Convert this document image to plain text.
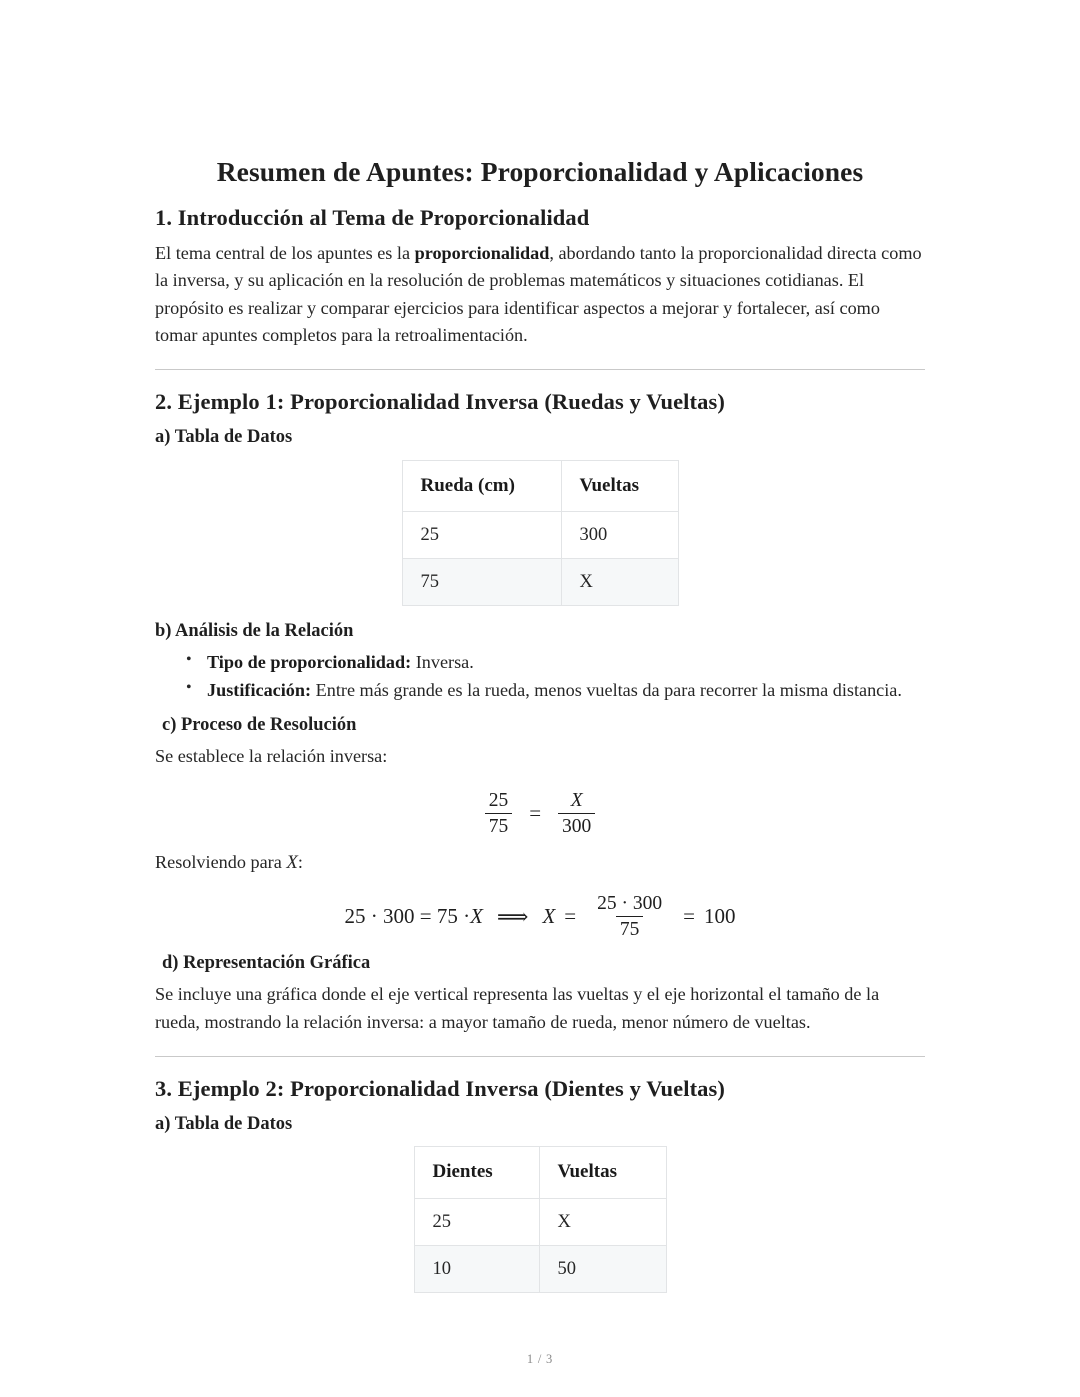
Resumen de Apuntes: Proporcionalidad y Aplicaciones
1. Introducción al Tema de Proporcionalidad

El tema central de los apuntes es la proporcionalidad, abordando tanto la proporcionalidad directa como la inversa, y su aplicación en la resolución de problemas matemáticos y situaciones cotidianas. El propósito es realizar y comparar ejercicios para identificar aspectos a mejorar y fortalecer, así como tomar apuntes completos para la retroalimentación.

2. Ejemplo 1: Proporcionalidad Inversa (Ruedas y Vueltas)
a) Tabla de Datos
Rueda (cm)	Vueltas
25	300
75	X
b) Análisis de la Relación
• Tipo de proporcionalidad: Inversa.
• Justificación: Entre más grande es la rueda, menos vueltas da para recorrer la misma distancia.
c) Proceso de Resolución

Se establece la relación inversa:

$\frac{25}{75} = \frac{X}{300}$

Resolviendo para X:

25 · 300 = 75 · X ⟹ $X = \frac{25 \cdot 300}{75} = 100$
d) Representación Gráfica

Se incluye una gráfica donde el eje vertical representa las vueltas y el eje horizontal el tamaño de la rueda, mostrando la relación inversa: a mayor tamaño de rueda, menor número de vueltas.

3. Ejemplo 2: Proporcionalidad Inversa (Dientes y Vueltas)
a) Tabla de Datos
Dientes	Vueltas
25	X
10	50
1 / 3
